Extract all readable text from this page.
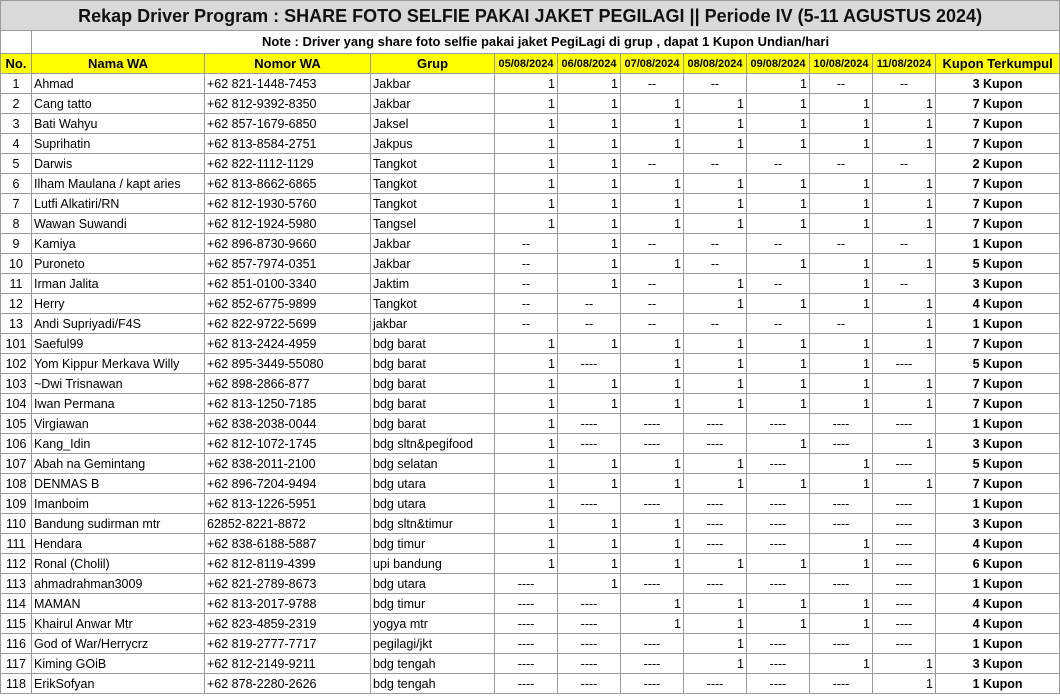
Rekap Driver Program : SHARE FOTO SELFIE PAKAI JAKET PEGILAGI || Periode IV (5-11 AGUSTUS 2024)											
	Note : Driver yang share foto selfie pakai jaket PegiLagi di grup , dapat 1 Kupon Undian/hari										
No.	Nama WA	Nomor WA	Grup	05/08/2024	06/08/2024	07/08/2024	08/08/2024	09/08/2024	10/08/2024	11/08/2024	Kupon Terkumpul
1	Ahmad	+62 821-1448-7453	Jakbar	1	1	--	--	1	--	--	3 Kupon
2	Cang tatto	+62 812-9392-8350	Jakbar	1	1	1	1	1	1	1	7 Kupon
3	Bati Wahyu	+62 857-1679-6850	Jaksel	1	1	1	1	1	1	1	7 Kupon
4	Suprihatin	+62 813-8584-2751	Jakpus	1	1	1	1	1	1	1	7 Kupon
5	Darwis	+62 822-1112-1129	Tangkot	1	1	--	--	--	--	--	2 Kupon
6	Ilham Maulana / kapt aries	+62 813-8662-6865	Tangkot	1	1	1	1	1	1	1	7 Kupon
7	Lutfi Alkatiri/RN	+62 812-1930-5760	Tangkot	1	1	1	1	1	1	1	7 Kupon
8	Wawan Suwandi	+62 812-1924-5980	Tangsel	1	1	1	1	1	1	1	7 Kupon
9	Kamiya	+62 896-8730-9660	Jakbar	--	1	--	--	--	--	--	1 Kupon
10	Puroneto	+62 857-7974-0351	Jakbar	--	1	1	--	1	1	1	5 Kupon
11	Irman Jalita	+62 851-0100-3340	Jaktim	--	1	--	1	--	1	--	3 Kupon
12	Herry	+62 852-6775-9899	Tangkot	--	--	--	1	1	1	1	4 Kupon
13	Andi Supriyadi/F4S	+62 822-9722-5699	jakbar	--	--	--	--	--	--	1	1 Kupon
101	Saeful99	+62 813-2424-4959	bdg barat	1	1	1	1	1	1	1	7 Kupon
102	Yom Kippur Merkava Willy	+62 895-3449-55080	bdg barat	1	----	1	1	1	1	----	5 Kupon
103	~Dwi Trisnawan	+62 898-2866-877	bdg barat	1	1	1	1	1	1	1	7 Kupon
104	Iwan Permana	+62 813-1250-7185	bdg barat	1	1	1	1	1	1	1	7 Kupon
105	Virgiawan	+62 838-2038-0044	bdg barat	1	----	----	----	----	----	----	1 Kupon
106	Kang_Idin	+62 812-1072-1745	bdg sltn&pegifood	1	----	----	----	1	----	1	3 Kupon
107	Abah na Gemintang	+62 838-2011-2100	bdg selatan	1	1	1	1	----	1	----	5 Kupon
108	DENMAS B	+62 896-7204-9494	bdg utara	1	1	1	1	1	1	1	7 Kupon
109	Imanboim	+62 813-1226-5951	bdg utara	1	----	----	----	----	----	----	1 Kupon
110	Bandung sudirman mtr	62852-8221-8872	bdg sltn&timur	1	1	1	----	----	----	----	3 Kupon
111	Hendara	+62 838-6188-5887	bdg timur	1	1	1	----	----	1	----	4 Kupon
112	Ronal (Cholil)	+62 812-8119-4399	upi bandung	1	1	1	1	1	1	----	6 Kupon
113	ahmadrahman3009	+62 821-2789-8673	bdg utara	----	1	----	----	----	----	----	1 Kupon
114	MAMAN	+62 813-2017-9788	bdg timur	----	----	1	1	1	1	----	4 Kupon
115	Khairul Anwar Mtr	+62 823-4859-2319	yogya mtr	----	----	1	1	1	1	----	4 Kupon
116	God of War/Herrycrz	+62 819-2777-7717	pegilagi/jkt	----	----	----	1	----	----	----	1 Kupon
117	Kiming GOiB	+62 812-2149-9211	bdg tengah	----	----	----	1	----	1	1	3 Kupon
118	ErikSofyan	+62 878-2280-2626	bdg tengah	----	----	----	----	----	----	1	1 Kupon
